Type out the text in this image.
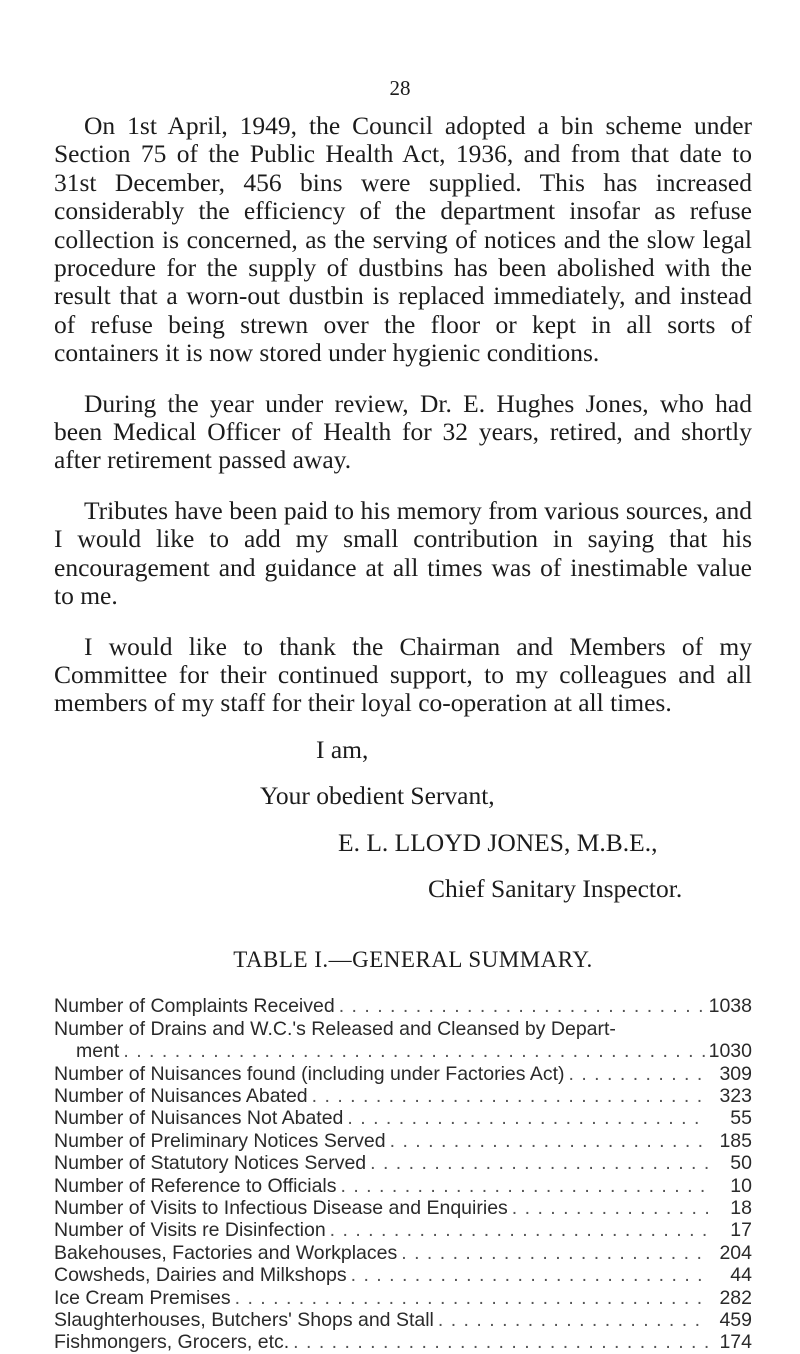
28

On 1st April, 1949, the Council adopted a bin scheme under Section 75 of the Public Health Act, 1936, and from that date to 31st December, 456 bins were supplied. This has increased considerably the efficiency of the department insofar as refuse collection is concerned, as the serving of notices and the slow legal procedure for the supply of dustbins has been abolished with the result that a worn-out dustbin is replaced immediately, and instead of refuse being strewn over the floor or kept in all sorts of containers it is now stored under hygienic conditions.

During the year under review, Dr. E. Hughes Jones, who had been Medical Officer of Health for 32 years, retired, and shortly after retirement passed away.

Tributes have been paid to his memory from various sources, and I would like to add my small contribution in saying that his encouragement and guidance at all times was of inestimable value to me.

I would like to thank the Chairman and Members of my Committee for their continued support, to my colleagues and all members of my staff for their loyal co-operation at all times.

I am,
Your obedient Servant,
E. L. LLOYD JONES, M.B.E.,
Chief Sanitary Inspector.
TABLE I.—GENERAL SUMMARY.
Number of Complaints Received . . .	1038
Number of Drains and W.C.'s Released and Cleansed by Depart-
ment . . .	1030
Number of Nuisances found (including under Factories Act) . . .	309
Number of Nuisances Abated . . .	323
Number of Nuisances Not Abated . . .	55
Number of Preliminary Notices Served . . .	185
Number of Statutory Notices Served . . .	50
Number of Reference to Officials . . .	10
Number of Visits to Infectious Disease and Enquiries . . .	18
Number of Visits re Disinfection . . .	17
Bakehouses, Factories and Workplaces . . .	204
Cowsheds, Dairies and Milkshops . . .	44
Ice Cream Premises . . .	282
Slaughterhouses, Butchers' Shops and Stall . . .	459
Fishmongers, Grocers, etc. . . .	174
